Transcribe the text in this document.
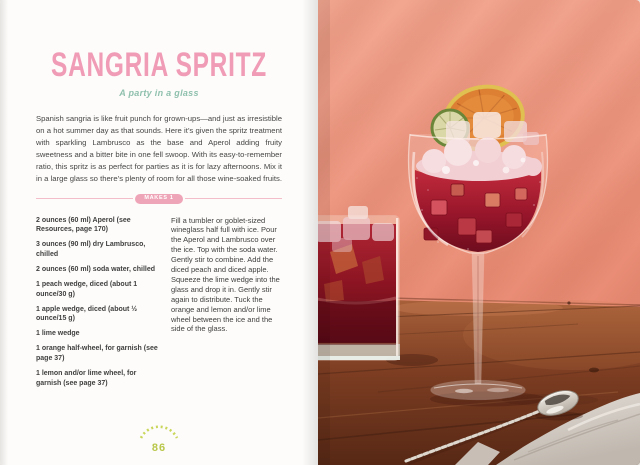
SANGRIA SPRITZ
A party in a glass

Spanish sangria is like fruit punch for grown-ups—and just as irresistible on a hot summer day as that sounds. Here it’s given the spritz treatment with sparkling Lambrusco as the base and Aperol adding fruity sweetness and a bitter bite in one fell swoop. With its easy-to-remember ratio, this spritz is as perfect for parties as it is for lazy afternoons. Mix it in a large glass so there’s plenty of room for all those wine-soaked fruits.

MAKES 1
2 ounces (60 ml) Aperol (see Resources, page 170)
3 ounces (90 ml) dry Lambrusco, chilled
2 ounces (60 ml) soda water, chilled
1 peach wedge, diced (about 1 ounce/30 g)
1 apple wedge, diced (about ½ ounce/15 g)
1 lime wedge
1 orange half-wheel, for garnish (see page 37)
1 lemon and/or lime wheel, for garnish (see page 37)

Fill a tumbler or goblet-sized wineglass half full with ice. Pour the Aperol and Lambrusco over the ice. Top with the soda water. Gently stir to combine. Add the diced peach and diced apple. Squeeze the lime wedge into the glass and drop it in. Gently stir again to distribute. Tuck the orange and lemon and/or lime wheel between the ice and the side of the glass.

86
